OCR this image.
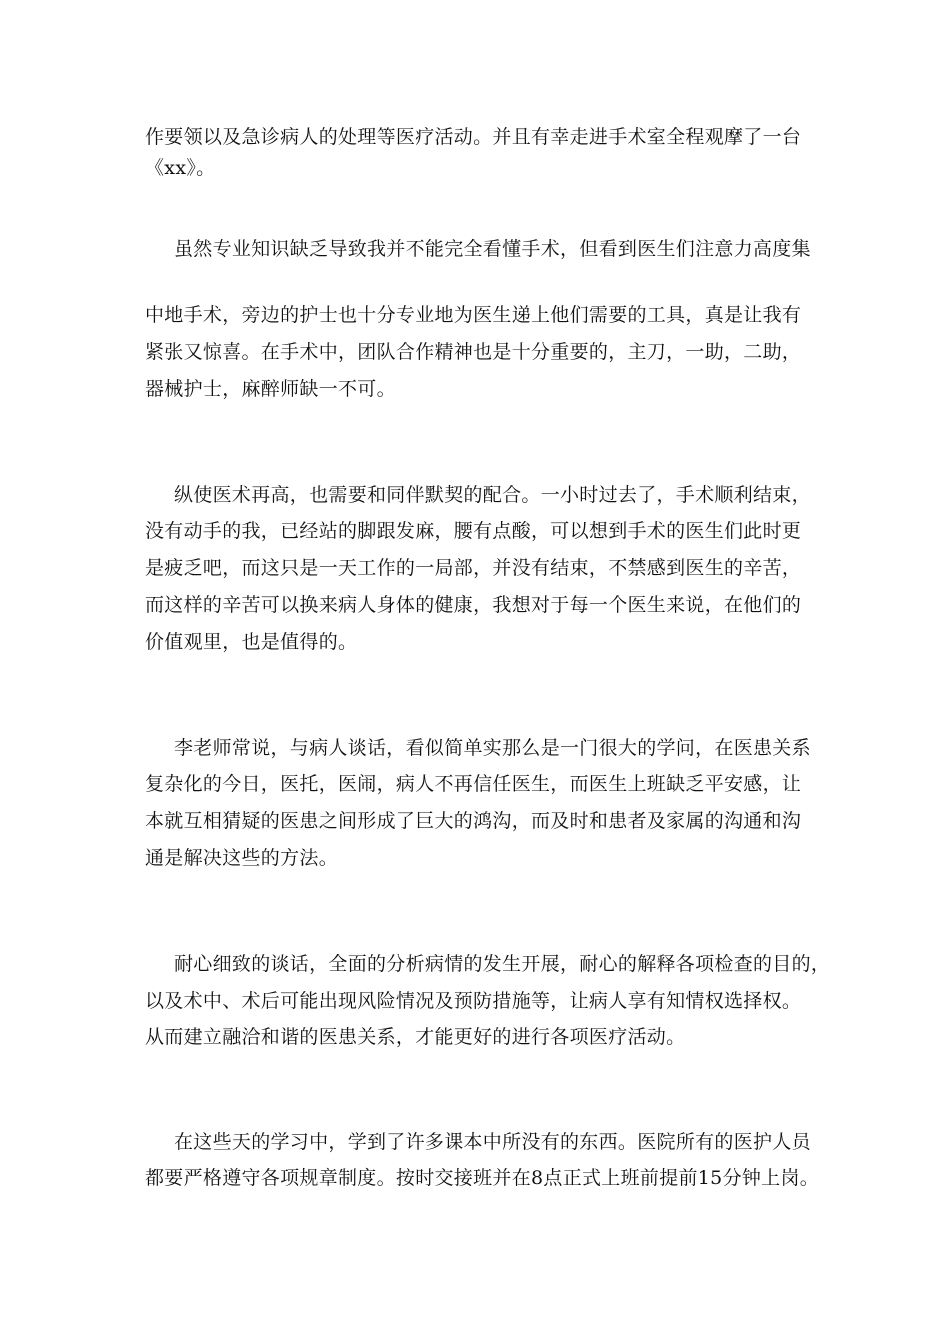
作要领以及急诊病人的处理等医疗活动。并且有幸走进手术室全程观摩了一台
《xx》。
虽然专业知识缺乏导致我并不能完全看懂手术，但看到医生们注意力高度集
中地手术，旁边的护士也十分专业地为医生递上他们需要的工具，真是让我有
紧张又惊喜。在手术中，团队合作精神也是十分重要的，主刀，一助，二助，
器械护士，麻醉师缺一不可。
纵使医术再高，也需要和同伴默契的配合。一小时过去了，手术顺利结束，
没有动手的我，已经站的脚跟发麻，腰有点酸，可以想到手术的医生们此时更
是疲乏吧，而这只是一天工作的一局部，并没有结束，不禁感到医生的辛苦，
而这样的辛苦可以换来病人身体的健康，我想对于每一个医生来说，在他们的
价值观里，也是值得的。
李老师常说，与病人谈话，看似简单实那么是一门很大的学问，在医患关系
复杂化的今日，医托，医闹，病人不再信任医生，而医生上班缺乏平安感，让
本就互相猜疑的医患之间形成了巨大的鸿沟，而及时和患者及家属的沟通和沟
通是解决这些的方法。
耐心细致的谈话，全面的分析病情的发生开展，耐心的解释各项检查的目的，
以及术中、术后可能出现风险情况及预防措施等，让病人享有知情权选择权。
从而建立融洽和谐的医患关系，才能更好的进行各项医疗活动。
在这些天的学习中，学到了许多课本中所没有的东西。医院所有的医护人员
都要严格遵守各项规章制度。按时交接班并在8点正式上班前提前15分钟上岗。
